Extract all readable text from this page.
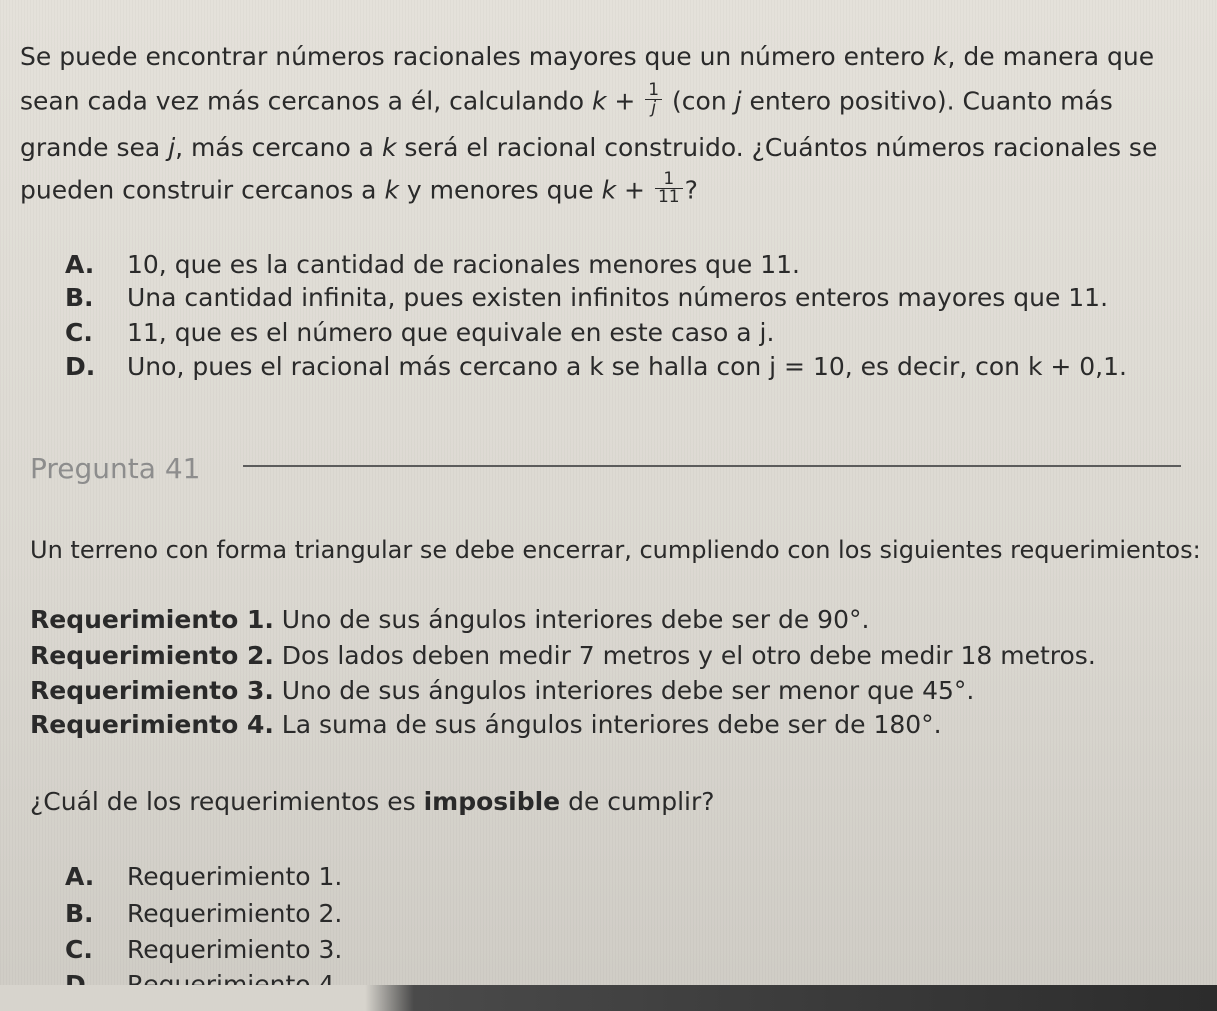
Se puede encontrar números racionales mayores que un número entero k, de manera que
sean cada vez más cercanos a él, calculando $k + \frac{1}{j} (con$ j entero positivo). Cuanto más
grande sea j, más cercano a k será el racional construido. ¿Cuántos números racionales se
pueden construir cercanos a k y menores que $k + \frac{1}{11}$ ?
A. 10, que es la cantidad de racionales menores que 11.
B. Una cantidad infinita, pues existen infinitos números enteros mayores que 11.
C. 11, que es el número que equivale en este caso a j.
D. Uno, pues el racional más cercano a k se halla con j = 10, es decir, con k + 0,1.
Pregunta 41
Un terreno con forma triangular se debe encerrar, cumpliendo con los siguientes requerimientos:
Requerimiento 1. Uno de sus ángulos interiores debe ser de 90°.
Requerimiento 2. Dos lados deben medir 7 metros y el otro debe medir 18 metros.
Requerimiento 3. Uno de sus ángulos interiores debe ser menor que 45°.
Requerimiento 4. La suma de sus ángulos interiores debe ser de 180°.
¿Cuál de los requerimientos es imposible de cumplir?
A. Requerimiento 1.
B. Requerimiento 2.
C. Requerimiento 3.
